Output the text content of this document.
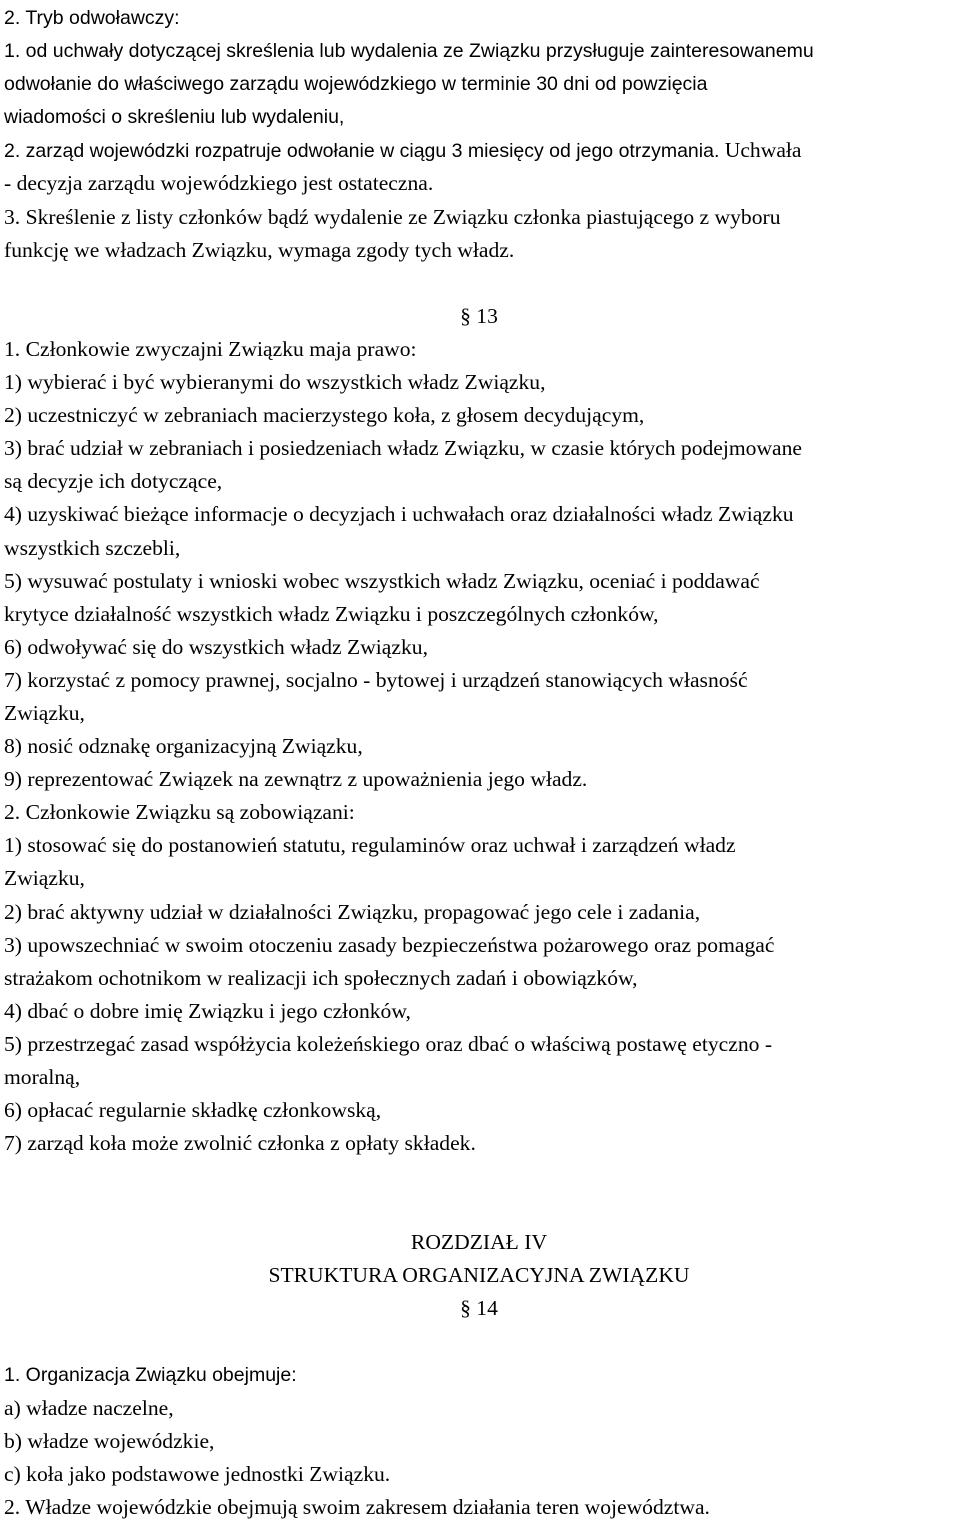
2. Tryb odwoławczy:
1. od uchwały dotyczącej skreślenia lub wydalenia ze Związku przysługuje zainteresowanemu
odwołanie do właściwego zarządu wojewódzkiego w terminie 30 dni od powzięcia
wiadomości o skreśleniu lub wydaleniu,
2. zarząd wojewódzki rozpatruje odwołanie w ciągu 3 miesięcy od jego otrzymania. Uchwała
- decyzja zarządu wojewódzkiego jest ostateczna.
3. Skreślenie z listy członków bądź wydalenie ze Związku członka piastującego z wyboru
funkcję we władzach Związku, wymaga zgody tych władz.
§ 13
1. Członkowie zwyczajni Związku maja prawo:
1) wybierać i być wybieranymi do wszystkich władz Związku,
2) uczestniczyć w zebraniach macierzystego koła, z głosem decydującym,
3) brać udział w zebraniach i posiedzeniach władz Związku, w czasie których podejmowane
są decyzje ich dotyczące,
4) uzyskiwać bieżące informacje o decyzjach i uchwałach oraz działalności władz Związku
wszystkich szczebli,
5) wysuwać postulaty i wnioski wobec wszystkich władz Związku, oceniać i poddawać
krytyce działalność wszystkich władz Związku i poszczególnych członków,
6) odwoływać się do wszystkich władz Związku,
7) korzystać z pomocy prawnej, socjalno - bytowej i urządzeń stanowiących własność
Związku,
8) nosić odznakę organizacyjną Związku,
9) reprezentować Związek na zewnątrz z upoważnienia jego władz.
2. Członkowie Związku są zobowiązani:
1) stosować się do postanowień statutu, regulaminów oraz uchwał i zarządzeń władz
Związku,
2) brać aktywny udział w działalności Związku, propagować jego cele i zadania,
3) upowszechniać w swoim otoczeniu zasady bezpieczeństwa pożarowego oraz pomagać
strażakom ochotnikom w realizacji ich społecznych zadań i obowiązków,
4) dbać o dobre imię Związku i jego członków,
5) przestrzegać zasad współżycia koleżeńskiego oraz dbać o właściwą postawę etyczno -
moralną,
6) opłacać regularnie składkę członkowską,
7) zarząd koła może zwolnić członka z opłaty składek.
ROZDZIAŁ IV
STRUKTURA ORGANIZACYJNA ZWIĄZKU
§ 14
1. Organizacja Związku obejmuje:
a) władze naczelne,
b) władze wojewódzkie,
c) koła jako podstawowe jednostki Związku.
2. Władze wojewódzkie obejmują swoim zakresem działania teren województwa.
